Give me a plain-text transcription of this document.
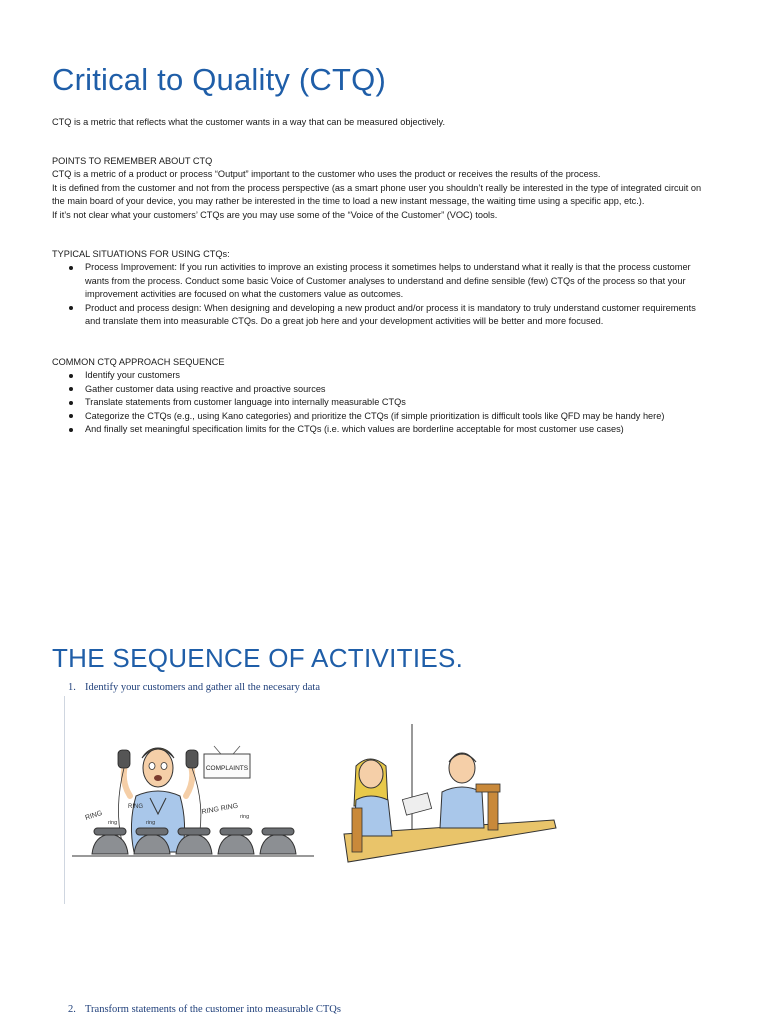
Critical to Quality (CTQ)

CTQ is a metric that reflects what the customer wants in a way that can be measured objectively.

POINTS TO REMEMBER ABOUT CTQ

CTQ is a metric of a product or process “Output” important to the customer who uses the product or receives the results of the process.

It is defined from the customer and not from the process perspective (as a smart phone user you shouldn’t really be interested in the type of integrated circuit on the main board of your device, you may rather be interested in the time to load a new instant message, the waiting time using a specific app, etc.).

If it’s not clear what your customers’ CTQs are you may use some of the “Voice of the Customer” (VOC) tools.

TYPICAL SITUATIONS FOR USING CTQs:

Process Improvement: If you run activities to improve an existing process it sometimes helps to understand what it really is that the process customer wants from the process. Conduct some basic Voice of Customer analyses to understand and define sensible (few) CTQs of the process so that your improvement activities are focused on what the customers value as outcomes.
Product and process design: When designing and developing a new product and/or process it is mandatory to truly understand customer requirements and translate them into measurable CTQs. Do a great job here and your development activities will be better and more focused.

COMMON CTQ APPROACH SEQUENCE

Identify your customers
Gather customer data using reactive and proactive sources
Translate statements from customer language into internally measurable CTQs
Categorize the CTQs (e.g., using Kano categories) and prioritize the CTQs (if simple prioritization is difficult tools like QFD may be handy here)
And finally set meaningful specification limits for the CTQs (i.e. which values are borderline acceptable for most customer use cases)
THE SEQUENCE OF ACTIVITIES.

1. Identify your customers and gather all the necesary data

COMPLAINTS
RING
ring	ring
RING RING
ring
RING

2. Transform statements of the customer into measurable CTQs
